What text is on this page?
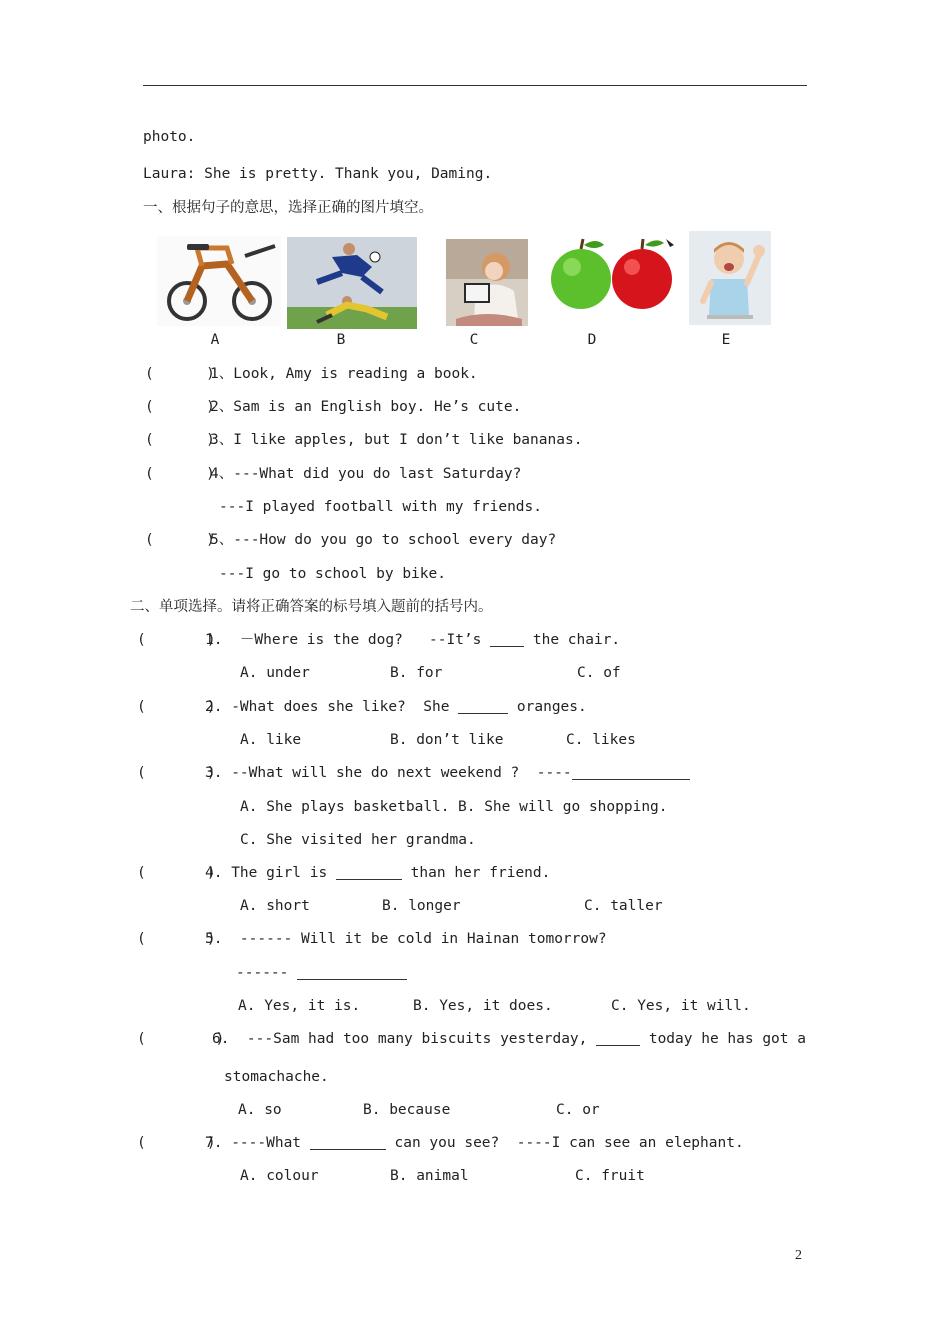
photo.
Laura: She is pretty. Thank you, Daming.
一、根据句子的意思，选择正确的图片填空。
A	B	C	D	E
(      )
1、Look, Amy is reading a book.
(      )
2、Sam is an English boy. He’s cute.
(      )
3、I like apples, but I don’t like bananas.
(      )
4、---What did you do last Saturday?
---I played football with my friends.
(      )
5、---How do you go to school every day?
---I go to school by bike.
二、单项选择。请将正确答案的标号填入题前的括号内。
(       )
1.  －Where is the dog?   --It’s  the chair.
A. under	B. for	C. of
(       )
2. -What does she like?  She	oranges.
A. like	B. don’t like	C. likes
(       )
3. --What will she do next weekend ?  ----
A. She plays basketball. B. She will go shopping.
C. She visited her grandma.
(       )
4. The girl is	than her friend.
A. short	B. longer	C. taller
(       )
5.  ------ Will it be cold in Hainan tomorrow?
------
A. Yes, it is.	B. Yes, it does.	C. Yes, it will.
(        )
6.  ---Sam had too many biscuits yesterday,	today he has got a
stomachache.
A. so	B. because	C. or
(       )
7. ----What	can you see?  ----I can see an elephant.
A. colour	B. animal	C. fruit
2
